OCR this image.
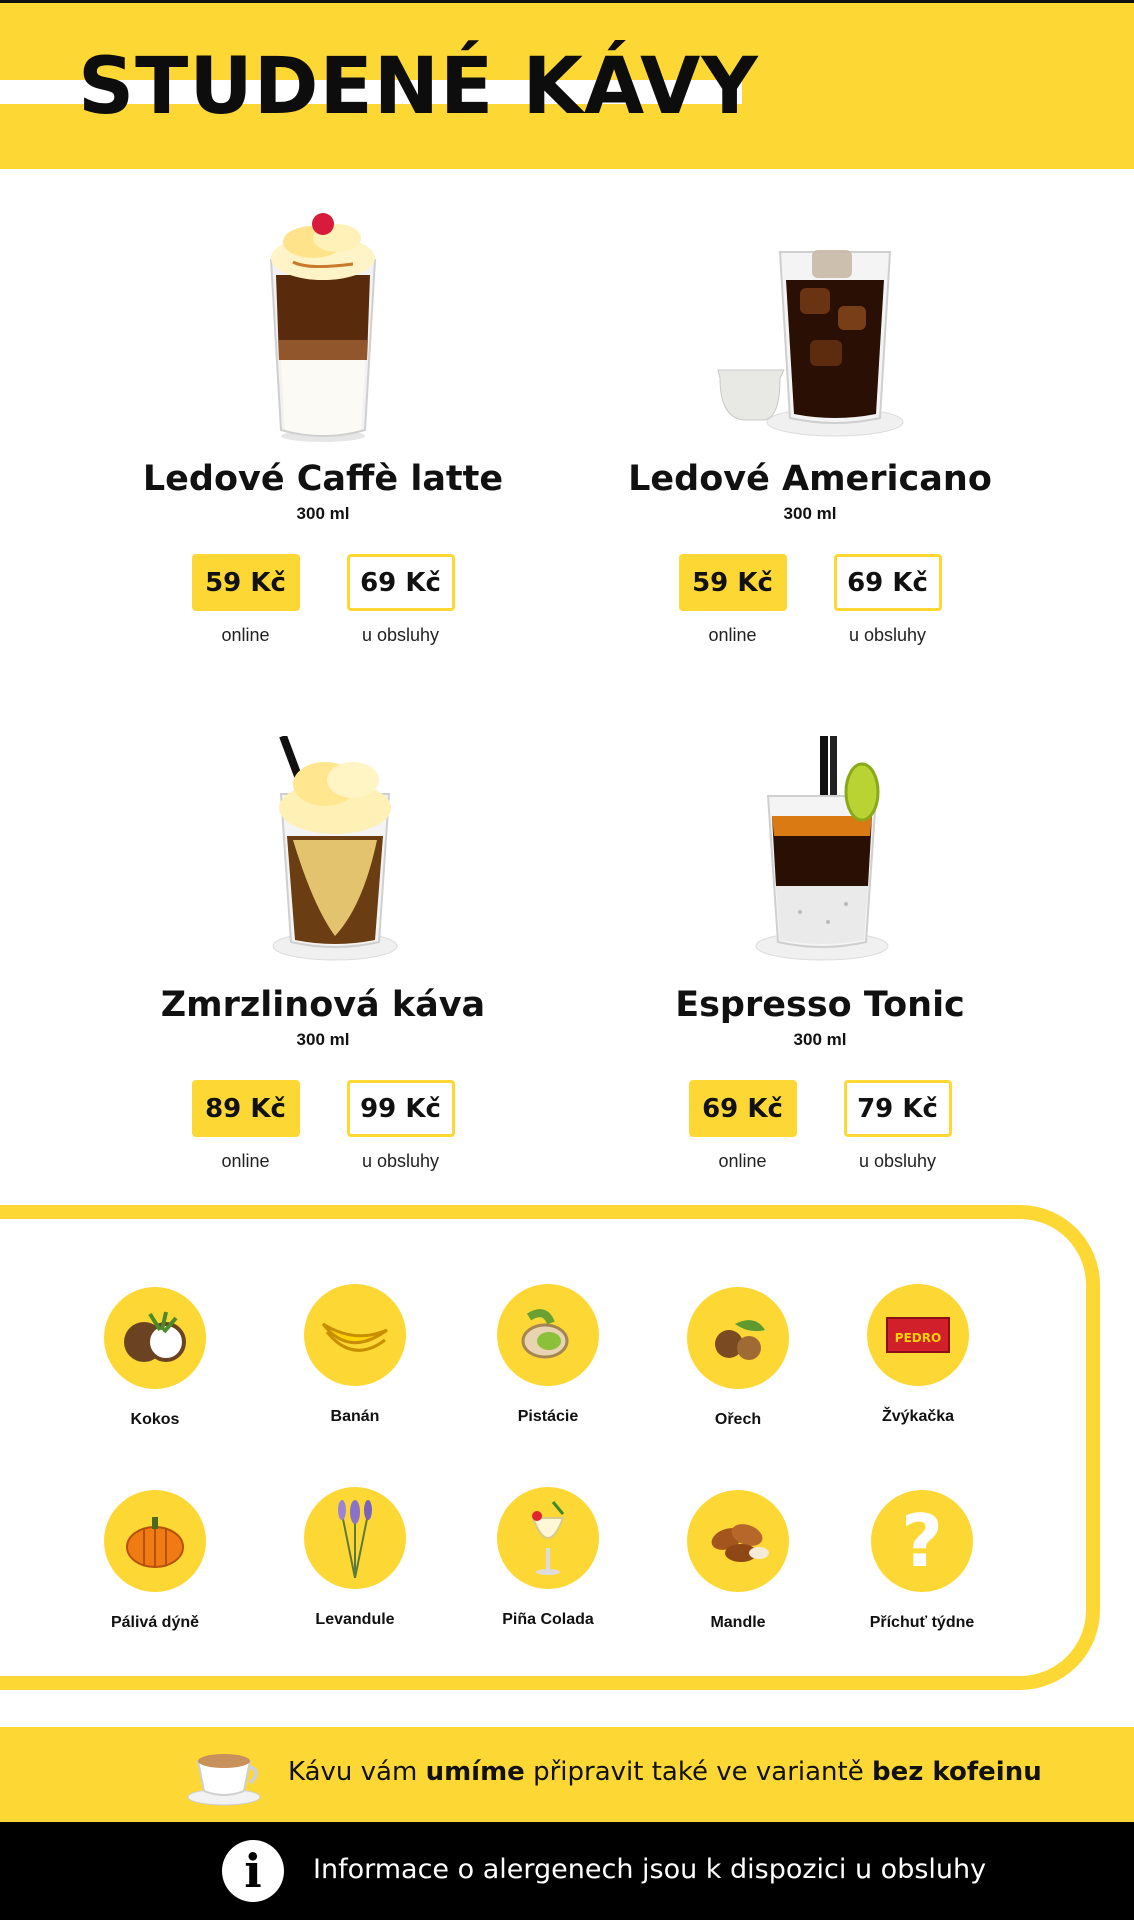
STUDENÉ KÁVY
Ledové Caffè latte
300 ml
59 Kč
online
69 Kč
u obsluhy
Ledové Americano
300 ml
59 Kč
online
69 Kč
u obsluhy
Zmrzlinová káva
300 ml
89 Kč
online
99 Kč
u obsluhy
Espresso Tonic
300 ml
69 Kč
online
79 Kč
u obsluhy
Kokos	Banán	Pistácie	Ořech
PEDRO
Žvýkačka
Pálivá dýně	Levandule	Piña Colada	Mandle
?
Příchuť týdne
Kávu vám umíme připravit také ve variantě bez kofeinu
i	Informace o alergenech jsou k dispozici u obsluhy
